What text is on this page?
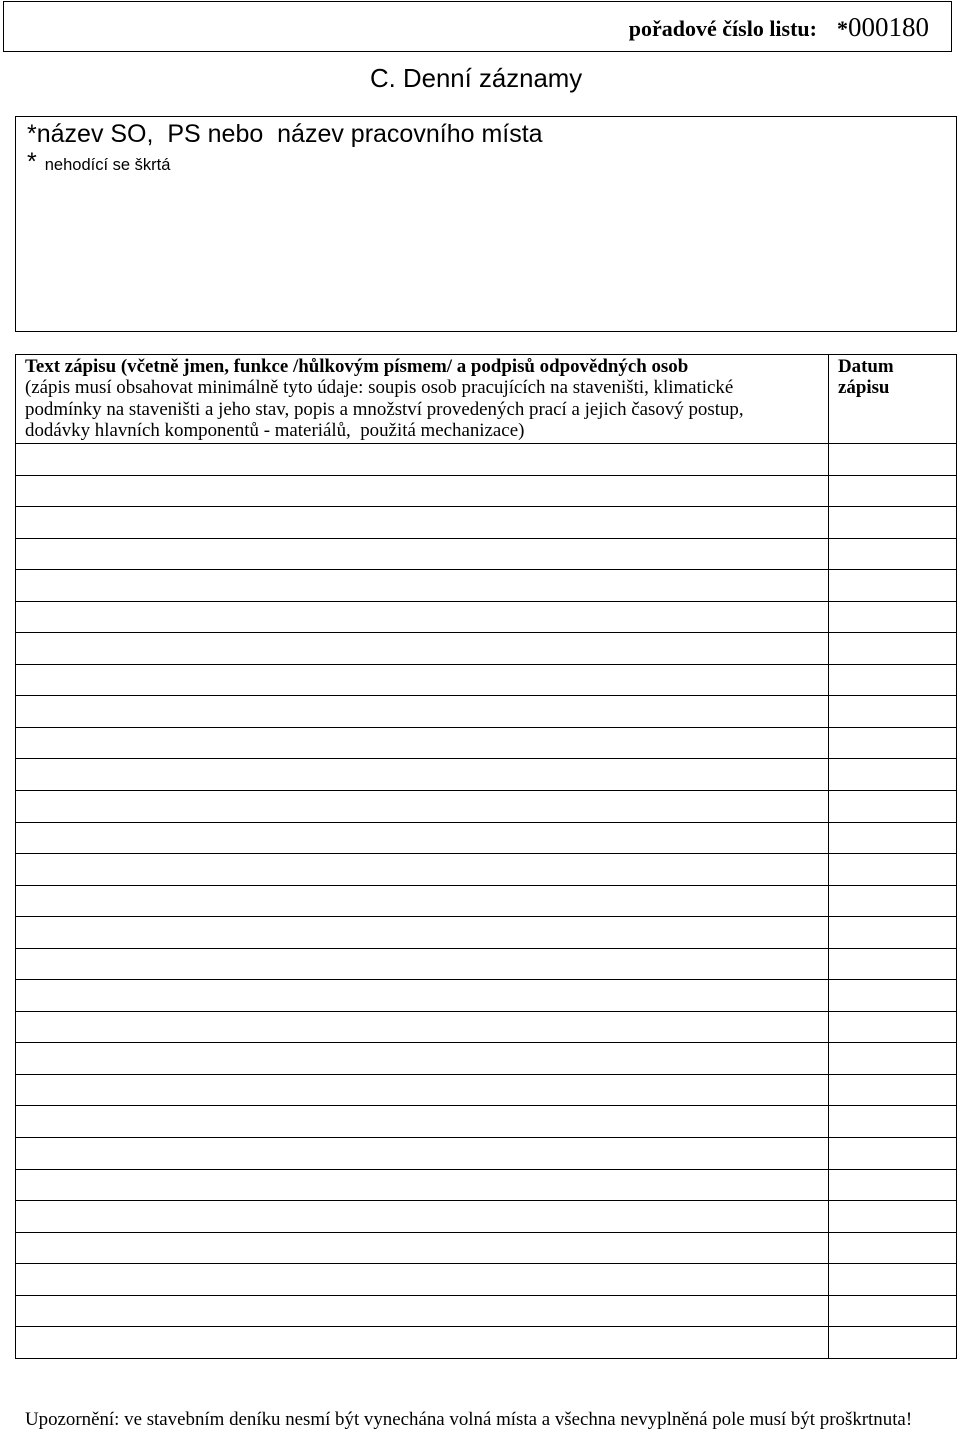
pořadové číslo listu: * 000180
C. Denní záznamy
*název SO,  PS nebo  název pracovního místa
* nehodící se škrtá
Text zápisu (včetně jmen, funkce /hůlkovým písmem/ a podpisů odpovědných osob
(zápis musí obsahovat minimálně tyto údaje: soupis osob pracujících na staveništi, klimatické
podmínky na staveništi a jeho stav, popis a množství provedených prací a jejich časový postup,
dodávky hlavních komponentů - materiálů,  použitá mechanizace)
Datum zápisu
Upozornění: ve stavebním deníku nesmí být vynechána volná místa a všechna nevyplněná pole musí být proškrtnuta!
